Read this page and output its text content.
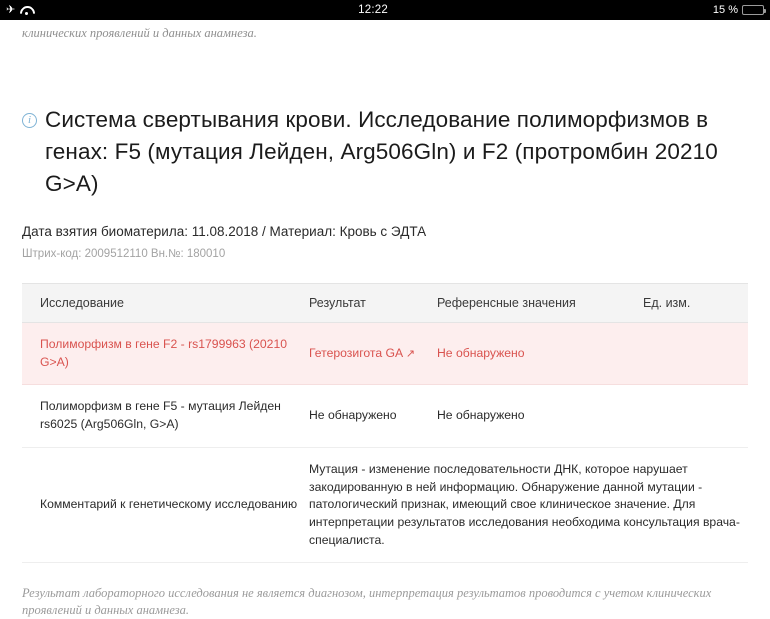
✈	12:22	15 %
клинических проявлений и данных анамнеза.
i Система свертывания крови. Исследование полиморфизмов в генах: F5 (мутация Лейден, Arg506Gln) и F2 (протромбин 20210 G>A)
Дата взятия биоматерила: 11.08.2018 / Материал: Кровь с ЭДТА
Штрих-код: 2009512110 Вн.№: 180010
Исследование	Результат	Референсные значения	Ед. изм.
Полиморфизм в гене F2 - rs1799963 (20210 G>A)	Гетерозигота GA ↗	Не обнаружено	
Полиморфизм в гене F5 - мутация Лейден rs6025 (Arg506Gln, G>A)	Не обнаружено	Не обнаружено	
Комментарий к генетическому исследованию	Мутация - изменение последовательности ДНК, которое нарушает закодированную в ней информацию. Обнаружение данной мутации - патологический признак, имеющий свое клиническое значение. Для интерпретации результатов исследования необходима консультация врача-специалиста.		
Результат лабораторного исследования не является диагнозом, интерпретация результатов проводится с учетом клинических проявлений и данных анамнеза.
